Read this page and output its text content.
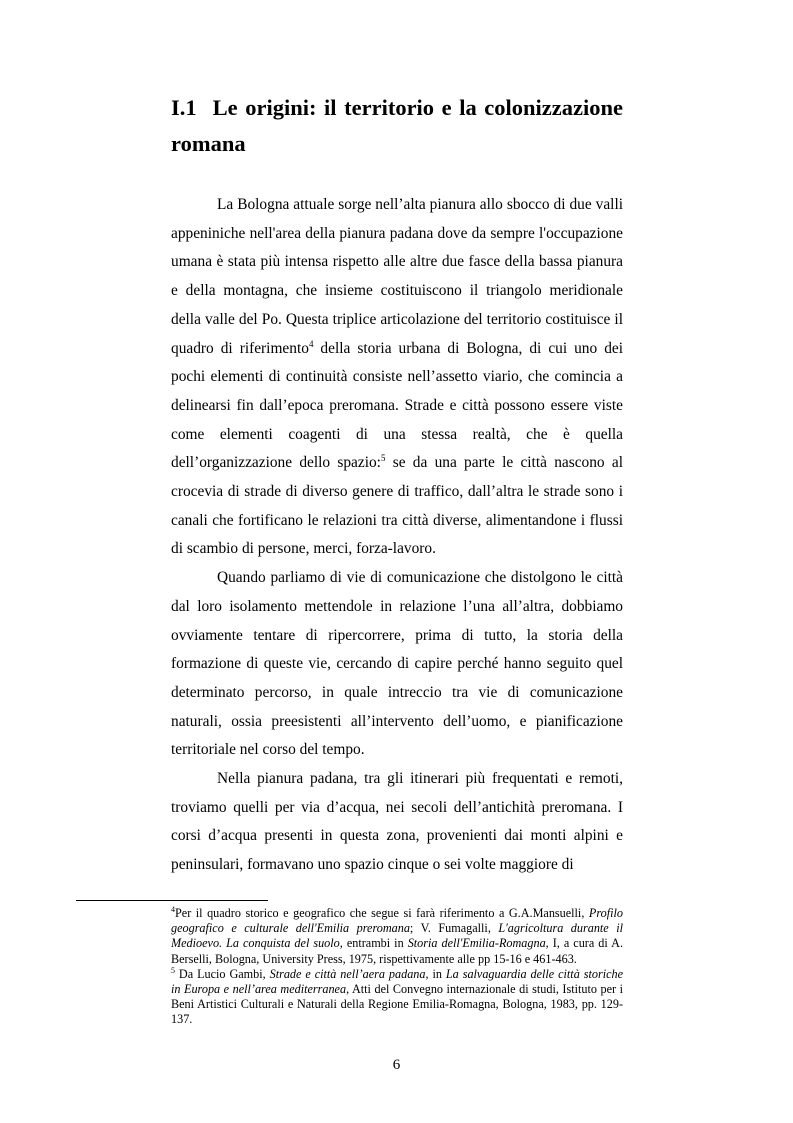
I.1 Le origini: il territorio e la colonizzazione romana

La Bologna attuale sorge nell’alta pianura allo sbocco di due valli appeniniche nell'area della pianura padana dove da sempre l'occupazione umana è stata più intensa rispetto alle altre due fasce della bassa pianura e della montagna, che insieme costituiscono il triangolo meridionale della valle del Po. Questa triplice articolazione del territorio costituisce il quadro di riferimento$^4$ della storia urbana di Bologna, di cui uno dei pochi elementi di continuità consiste nell’assetto viario, che comincia a delinearsi fin dall’epoca preromana. Strade e città possono essere viste come elementi coagenti di una stessa realtà, che è quella dell’organizzazione dello spazio:$^5$ se da una parte le città nascono al crocevia di strade di diverso genere di traffico, dall’altra le strade sono i canali che fortificano le relazioni tra città diverse, alimentandone i flussi di scambio di persone, merci, forza-lavoro.

Quando parliamo di vie di comunicazione che distolgono le città dal loro isolamento mettendole in relazione l’una all’altra, dobbiamo ovviamente tentare di ripercorrere, prima di tutto, la storia della formazione di queste vie, cercando di capire perché hanno seguito quel determinato percorso, in quale intreccio tra vie di comunicazione naturali, ossia preesistenti all’intervento dell’uomo, e pianificazione territoriale nel corso del tempo.

Nella pianura padana, tra gli itinerari più frequentati e remoti, troviamo quelli per via d’acqua, nei secoli dell’antichità preromana. I corsi d’acqua presenti in questa zona, provenienti dai monti alpini e peninsulari, formavano uno spazio cinque o sei volte maggiore di

$^4$Per il quadro storico e geografico che segue si farà riferimento a G.A.Mansuelli, Profilo geografico e culturale dell'Emilia preromana; V. Fumagalli, L'agricoltura durante il Medioevo. La conquista del suolo, entrambi in Storia dell'Emilia-Romagna, I, a cura di A. Berselli, Bologna, University Press, 1975, rispettivamente alle pp 15-16 e 461-463.

$^5$ Da Lucio Gambi, Strade e città nell’aera padana, in La salvaguardia delle città storiche in Europa e nell’area mediterranea, Atti del Convegno internazionale di studi, Istituto per i Beni Artistici Culturali e Naturali della Regione Emilia-Romagna, Bologna, 1983, pp. 129-137.

6
